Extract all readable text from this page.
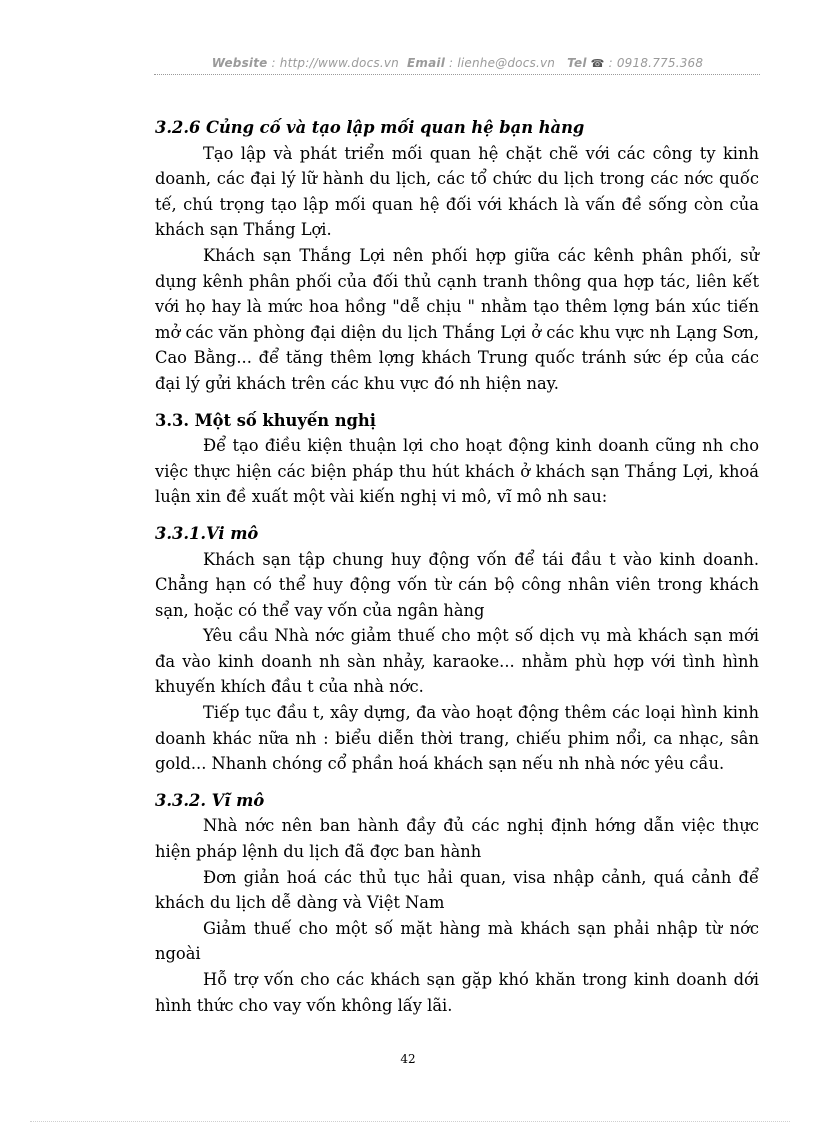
Website : http://www.docs.vn Email : lienhe@docs.vn Tel ☎ : 0918.775.368
3.2.6 Củng cố và tạo lập mối quan hệ bạn hàng

Tạo lập và phát triển mối quan hệ chặt chẽ với các công ty kinh doanh, các đại lý lữ hành du lịch, các tổ chức du lịch trong các nớc quốc tế, chú trọng tạo lập mối quan hệ đối với khách là vấn đề sống còn của khách sạn Thắng Lợi.

Khách sạn Thắng Lợi nên phối hợp giữa các kênh phân phối, sử dụng kênh phân phối của đối thủ cạnh tranh thông qua hợp tác, liên kết với họ hay là mức hoa hồng "dễ chịu " nhằm tạo thêm lợng bán xúc tiến mở các văn phòng đại diện du lịch Thắng Lợi ở các khu vực nh Lạng Sơn, Cao Bằng... để tăng thêm lợng khách Trung quốc tránh sức ép của các đại lý gửi khách trên các khu vực đó nh hiện nay.

3.3. Một số khuyến nghị

Để tạo điều kiện thuận lợi cho hoạt động kinh doanh cũng nh cho việc thực hiện các biện pháp thu hút khách ở khách sạn Thắng Lợi, khoá luận xin đề xuất một vài kiến nghị vi mô, vĩ mô nh sau:

3.3.1.Vi mô

Khách sạn tập chung huy động vốn để tái đầu t vào kinh doanh. Chẳng hạn có thể huy động vốn từ cán bộ công nhân viên trong khách sạn, hoặc có thể vay vốn của ngân hàng

Yêu cầu Nhà nớc giảm thuế cho một số dịch vụ mà khách sạn mới đa vào kinh doanh nh sàn nhảy, karaoke... nhằm phù hợp với tình hình khuyến khích đầu t của nhà nớc.

Tiếp tục đầu t, xây dựng, đa vào hoạt động thêm các loại hình kinh doanh khác nữa nh : biểu diễn thời trang, chiếu phim nổi, ca nhạc, sân gold... Nhanh chóng cổ phần hoá khách sạn nếu nh nhà nớc yêu cầu.

3.3.2. Vĩ mô

Nhà nớc nên ban hành đầy đủ các nghị định hớng dẫn việc thực hiện pháp lệnh du lịch đã đợc ban hành

Đơn giản hoá các thủ tục hải quan, visa nhập cảnh, quá cảnh để khách du lịch dễ dàng và Việt Nam

Giảm thuế cho một số mặt hàng mà khách sạn phải nhập từ nớc ngoài

Hỗ trợ vốn cho các khách sạn gặp khó khăn trong kinh doanh dới hình thức cho vay vốn không lấy lãi.

42
